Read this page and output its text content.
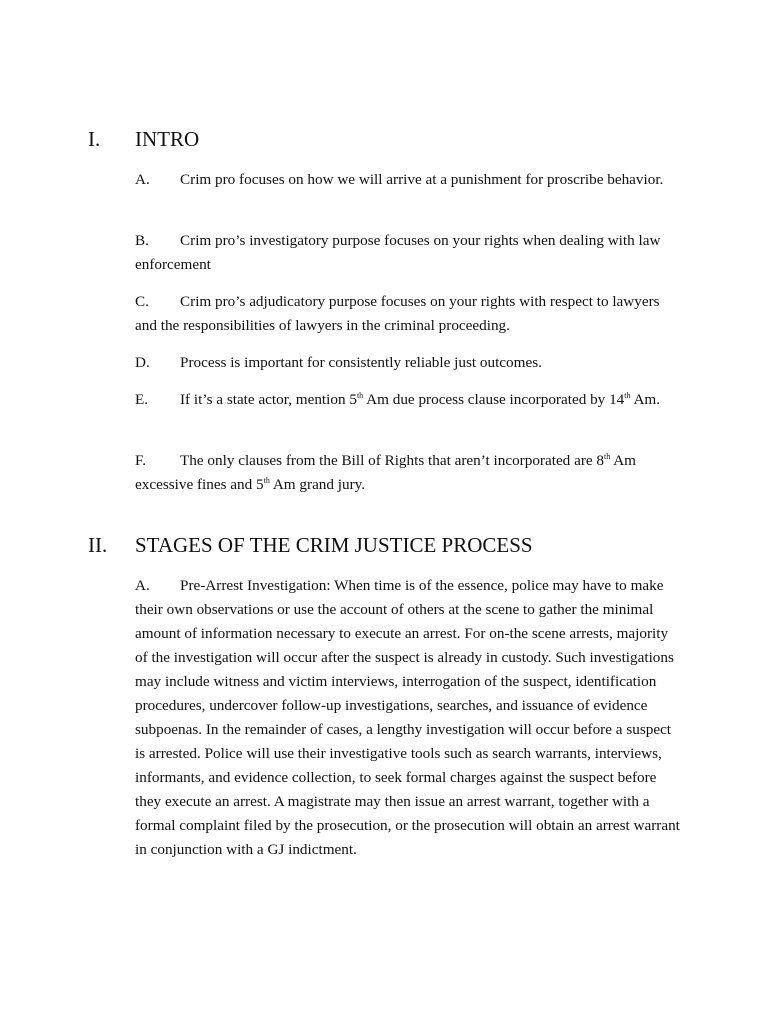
I. INTRO

A. Crim pro focuses on how we will arrive at a punishment for proscribe behavior.

B. Crim pro’s investigatory purpose focuses on your rights when dealing with law enforcement

C. Crim pro’s adjudicatory purpose focuses on your rights with respect to lawyers and the responsibilities of lawyers in the criminal proceeding.

D. Process is important for consistently reliable just outcomes.

E. If it’s a state actor, mention 5th Am due process clause incorporated by 14th Am.

F. The only clauses from the Bill of Rights that aren’t incorporated are 8th Am excessive fines and 5th Am grand jury.

II. STAGES OF THE CRIM JUSTICE PROCESS

A. Pre-Arrest Investigation: When time is of the essence, police may have to make their own observations or use the account of others at the scene to gather the minimal amount of information necessary to execute an arrest. For on-the scene arrests, majority of the investigation will occur after the suspect is already in custody. Such investigations may include witness and victim interviews, interrogation of the suspect, identification procedures, undercover follow-up investigations, searches, and issuance of evidence subpoenas. In the remainder of cases, a lengthy investigation will occur before a suspect is arrested. Police will use their investigative tools such as search warrants, interviews, informants, and evidence collection, to seek formal charges against the suspect before they execute an arrest. A magistrate may then issue an arrest warrant, together with a formal complaint filed by the prosecution, or the prosecution will obtain an arrest warrant in conjunction with a GJ indictment.
